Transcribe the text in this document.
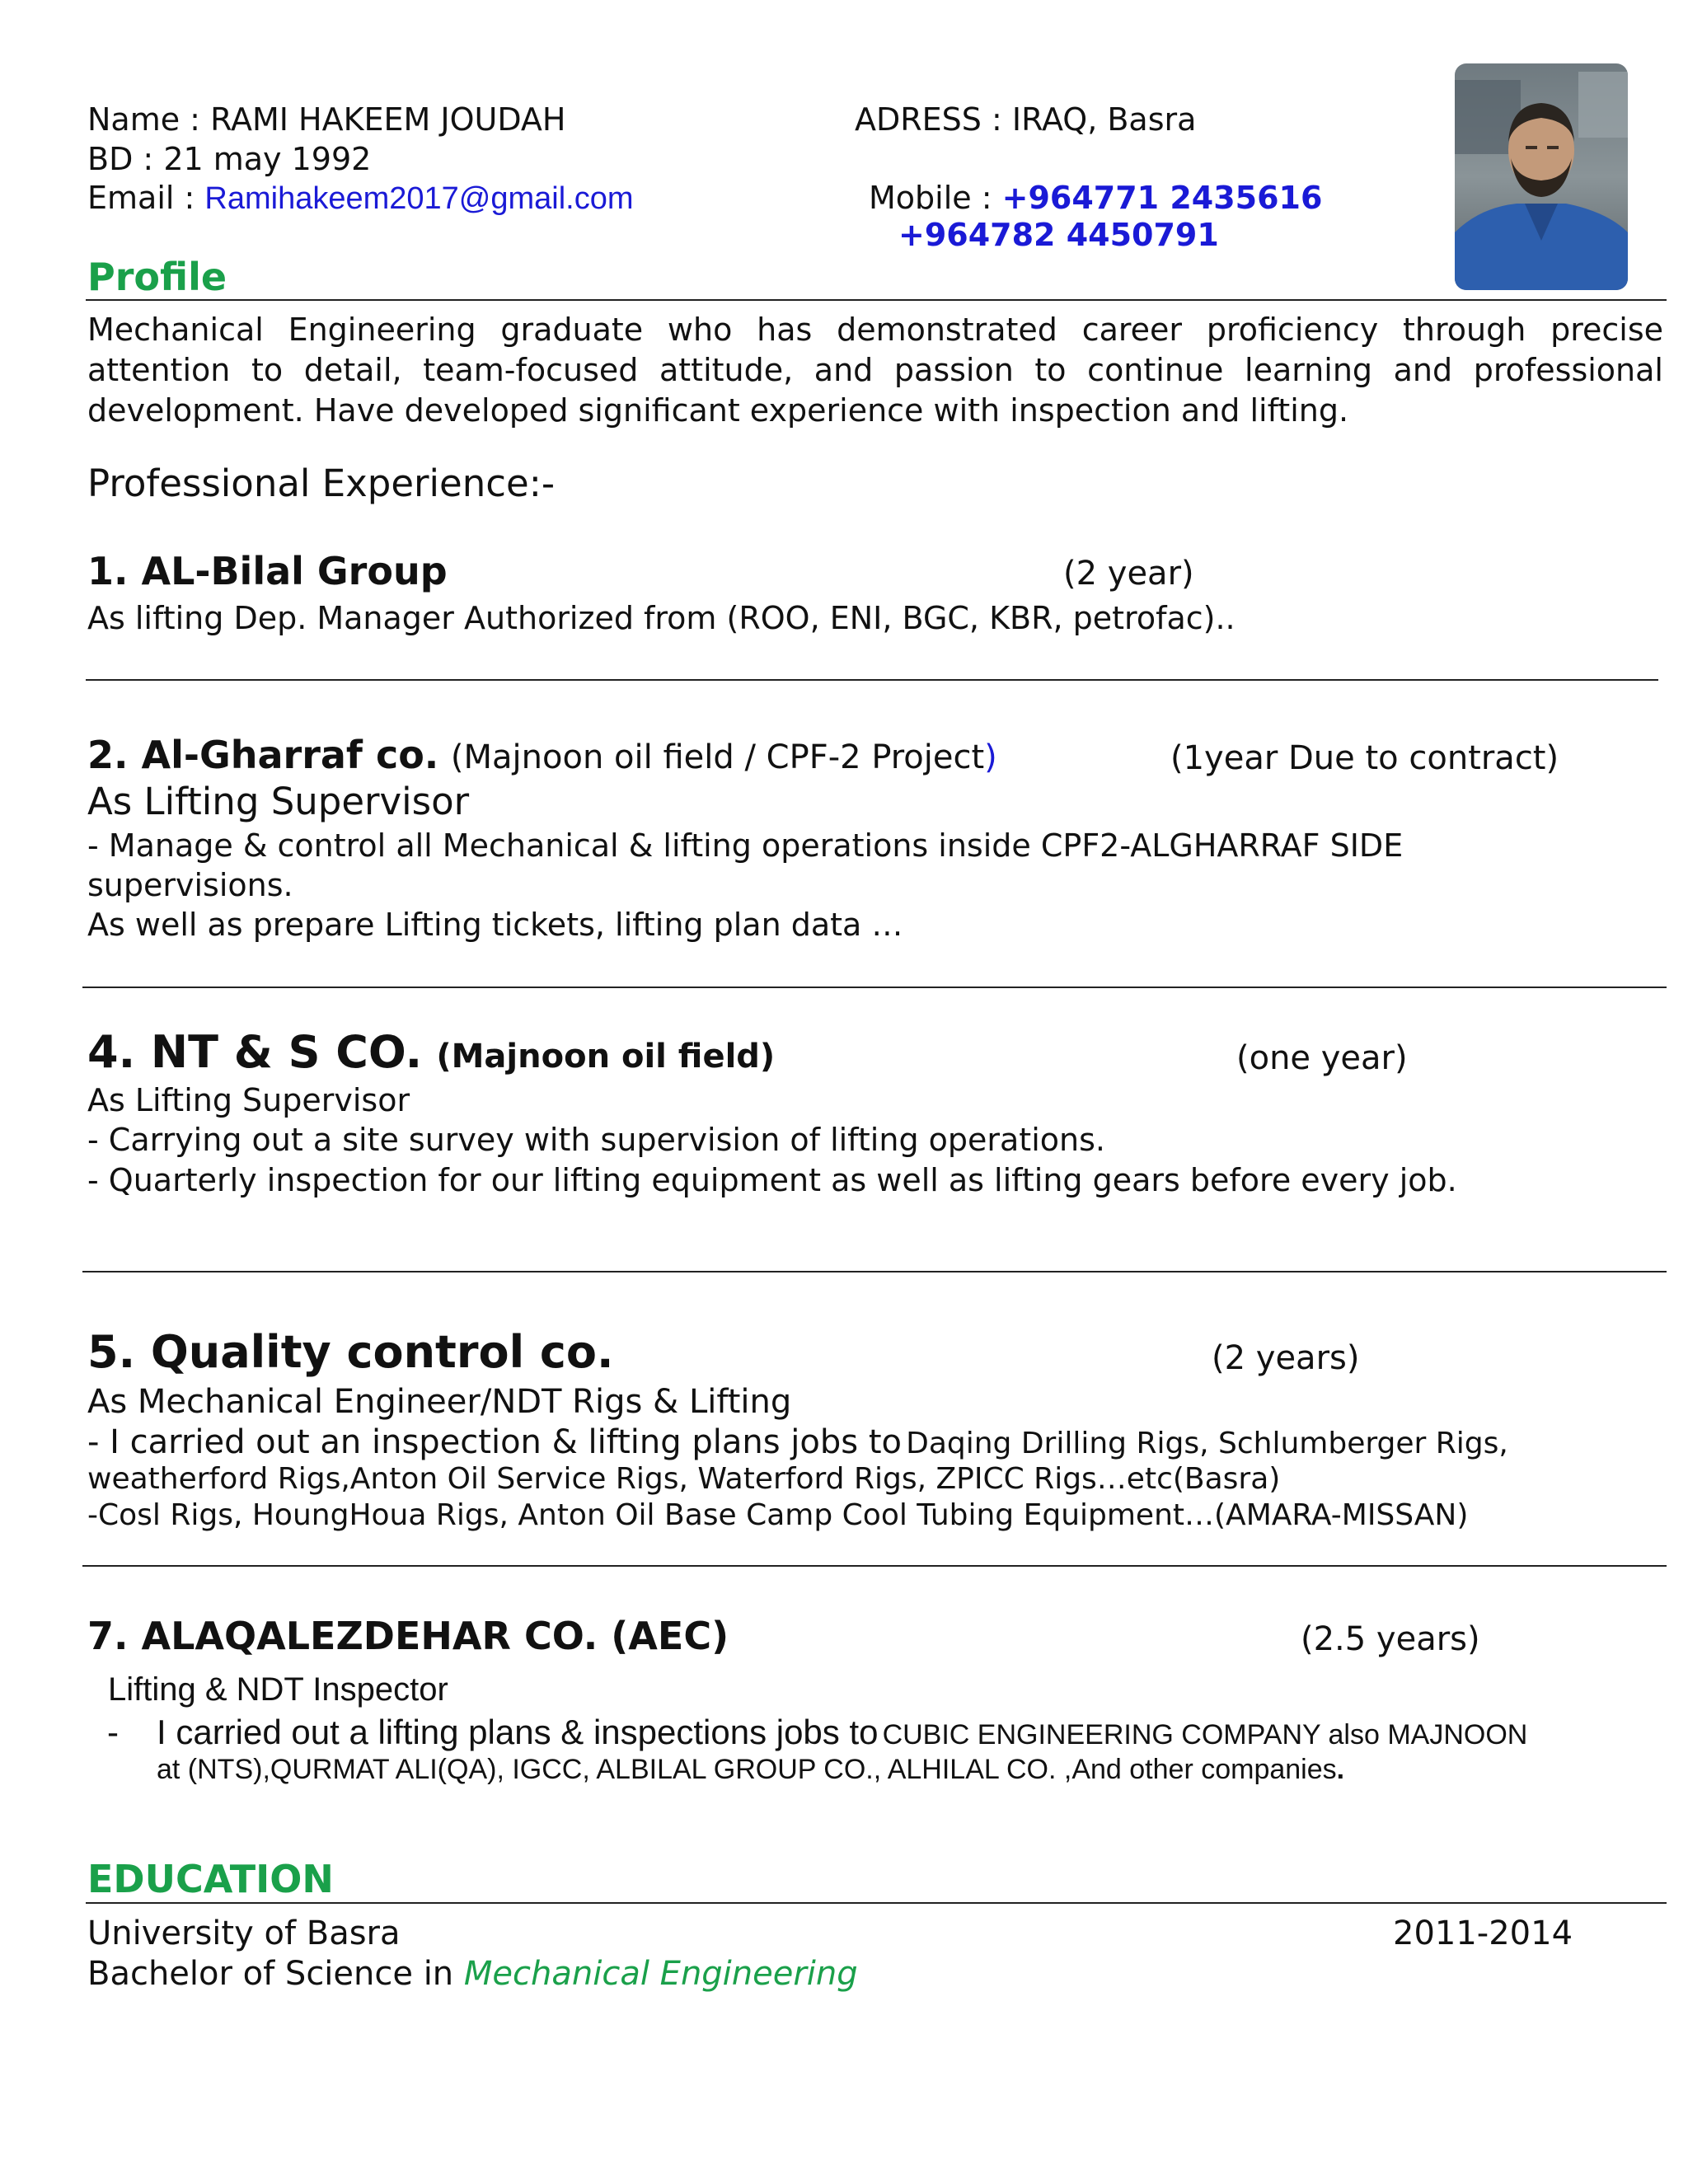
Name : RAMI HAKEEM JOUDAH
BD : 21 may 1992
Email : Ramihakeem2017@gmail.com
ADRESS : IRAQ, Basra
Mobile : +964771 2435616
+964782 4450791
Profile
Mechanical Engineering graduate who has demonstrated career proficiency through precise attention to detail, team-focused attitude, and passion to continue learning and professional development. Have developed significant experience with inspection and lifting.
Professional Experience:-
1. AL-Bilal Group	(2 year)
As lifting Dep. Manager Authorized from (ROO, ENI, BGC, KBR, petrofac)..
2. Al-Gharraf co. (Majnoon oil field / CPF-2 Project)	(1year Due to contract)
As Lifting Supervisor
- Manage & control all Mechanical & lifting operations inside CPF2-ALGHARRAF SIDE
supervisions.
As well as prepare Lifting tickets, lifting plan data …
4. NT & S CO. (Majnoon oil field)	(one year)
As Lifting Supervisor
- Carrying out a site survey with supervision of lifting operations.
- Quarterly inspection for our lifting equipment as well as lifting gears before every job.
5. Quality control co.	(2 years)
As Mechanical Engineer/NDT Rigs & Lifting
- I carried out an inspection & lifting plans jobs to Daqing Drilling Rigs, Schlumberger Rigs,
weatherford Rigs,Anton Oil Service Rigs, Waterford Rigs, ZPICC Rigs…etc(Basra)
-Cosl Rigs, HoungHoua Rigs, Anton Oil Base Camp Cool Tubing Equipment…(AMARA-MISSAN)
7. ALAQALEZDEHAR CO. (AEC)	(2.5 years)
Lifting & NDT Inspector
- I carried out a lifting plans & inspections jobs to CUBIC ENGINEERING COMPANY also MAJNOON
at (NTS),QURMAT ALI(QA), IGCC, ALBILAL GROUP CO., ALHILAL CO. ,And other companies.
EDUCATION
University of Basra	2011-2014
Bachelor of Science in Mechanical Engineering
